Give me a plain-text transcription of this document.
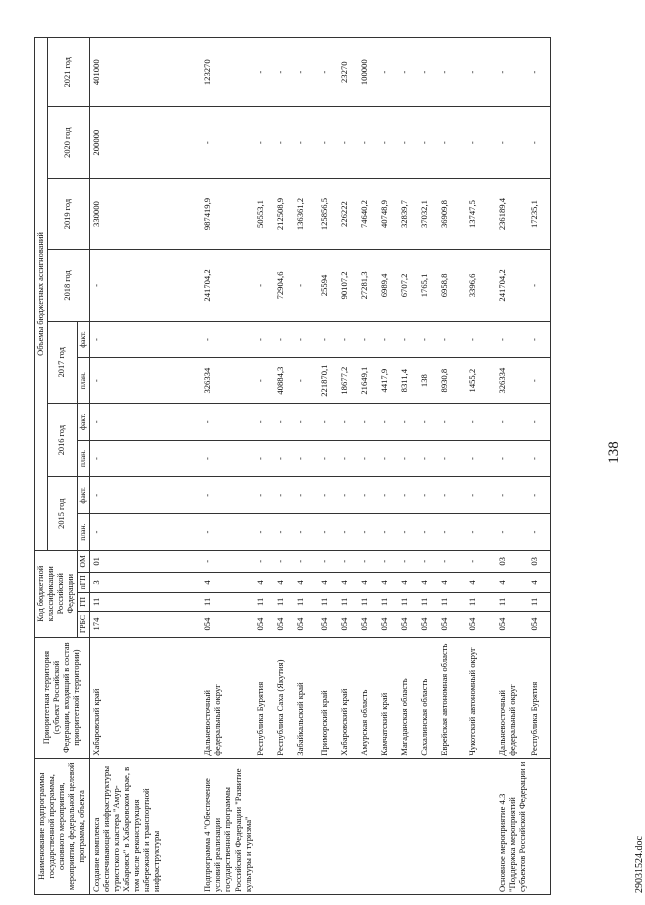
138
Наименование подпрограммы государственной программы, основного мероприятия, мероприятия, федеральной целевой программы, объекта	Приоритетная территория (субъект Российской Федерации, входящий в состав приоритетной территории)	Код бюджетной классификации Российской Федерации				Объемы бюджетных ассигнований									
						2015 год		2016 год		2017 год		2018 год	2019 год	2020 год	2021 год
		ГРБС	ГП	пГП	ОМ	план.	факт.	план.	факт.	план.	факт.				
Создание комплекса обеспечивающей инфраструктуры туристского кластера "Амур-Хабаровск" в Хабаровском крае, в том числе реконструкция набережной и транспортной инфраструктуры	Хабаровский край	174	11	3	01	-	-	-	-	-	-	-	330000	200000	401000
Подпрограмма 4 "Обеспечение условий реализации государственной программы Российской Федерации "Развитие культуры и туризма"	Дальневосточный федеральный округ	054	11	4	-	-	-	-	-	326334	-	241704,2	987419,9	-	123270
	Республика Бурятия	054	11	4	-	-	-	-	-	-	-	-	50553,1	-	-
	Республика Саха (Якутия)	054	11	4	-	-	-	-	-	40884,3	-	72904,6	212508,9	-	-
	Забайкальский край	054	11	4	-	-	-	-	-	-	-	-	136361,2	-	-
	Приморский край	054	11	4	-	-	-	-	-	221870,1	-	25594	125856,5	-	-
	Хабаровский край	054	11	4	-	-	-	-	-	18677,2	-	90107,2	226222	-	23270
	Амурская область	054	11	4	-	-	-	-	-	21649,1	-	27281,3	74640,2	-	100000
	Камчатский край	054	11	4	-	-	-	-	-	4417,9	-	6989,4	40748,9	-	-
	Магаданская область	054	11	4	-	-	-	-	-	8311,4	-	6707,2	32839,7	-	-
	Сахалинская область	054	11	4	-	-	-	-	-	138	-	1765,1	37032,1	-	-
	Еврейская автономная область	054	11	4	-	-	-	-	-	8930,8	-	6958,8	36909,8	-	-
	Чукотский автономный округ	054	11	4	-	-	-	-	-	1455,2	-	3396,6	13747,5	-	-
Основное мероприятие 4.3 "Поддержка мероприятий субъектов Российской Федерации и	Дальневосточный федеральный округ	054	11	4	03	-	-	-	-	326334	-	241704,2	236189,4	-	-
	Республика Бурятия	054	11	4	03	-	-	-	-	-	-	-	17235,1	-	-
29031524.doc
